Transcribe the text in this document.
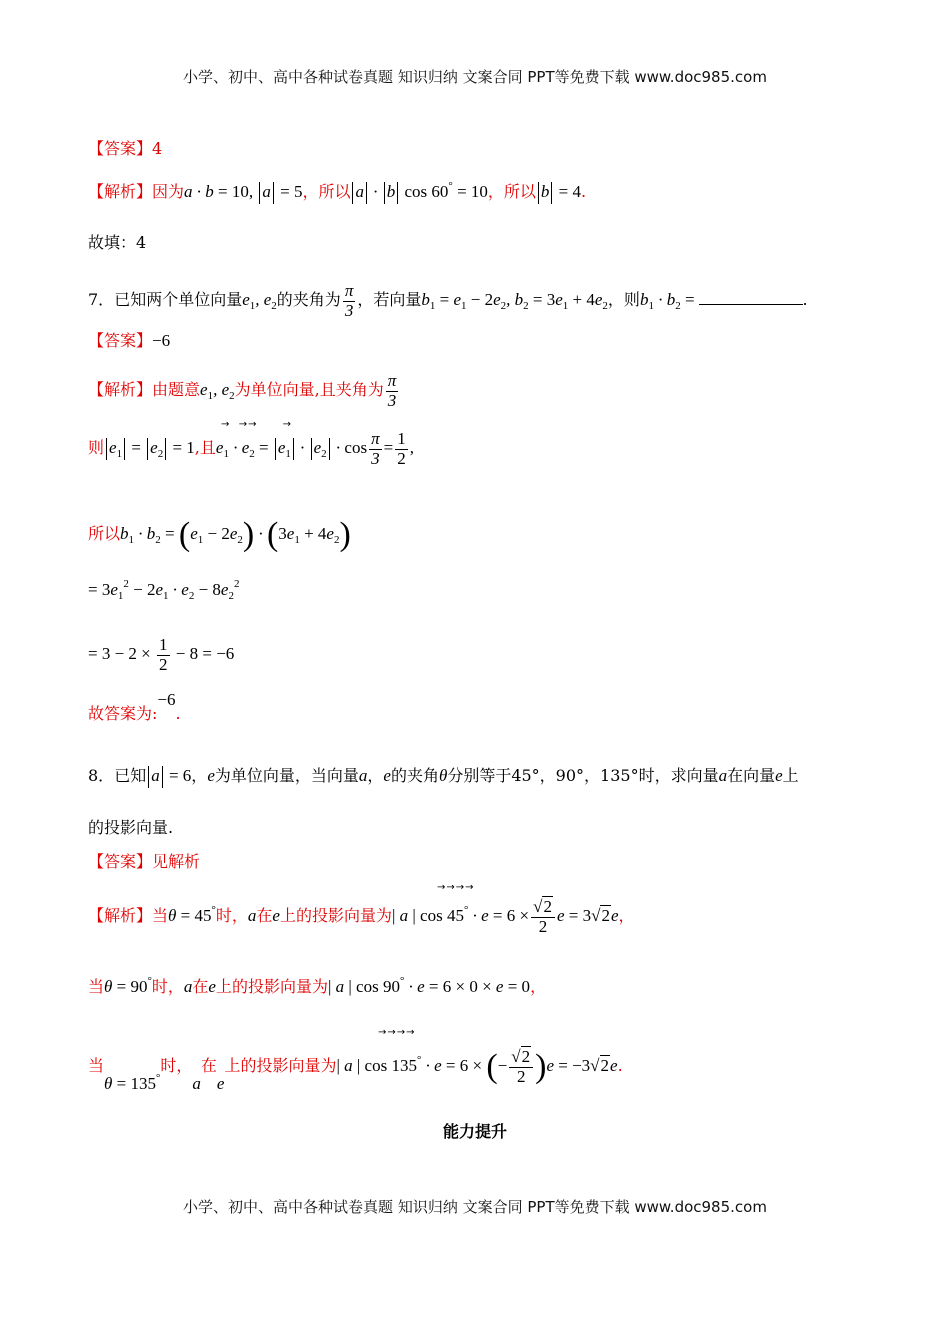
小学、初中、高中各种试卷真题 知识归纳 文案合同 PPT等免费下载 www.doc985.com
【答案】4
【解析】因为a · b = 10, a = 5，所以 a · b cos 60° = 10，所以 b = 4.
故填：4
7．已知两个单位向量$e_1$, $e_2$的夹角为 $\frac{\pi}{3}$ ，若向量$b_1 = e_1 - 2e_2$, $b_2 = 3e_1 + 4e_2$，则$b_1 \cdot b_2$ =	.
【答案】−6
【解析】由题意$e_1$, $e_2$为单位向量,且夹角为 $\frac{\pi}{3}$
→  →→      →
则 $e_1 = e_2 = 1$,且$e_1 \cdot e_2 = e_1 \cdot e_2 \cdot \cos \frac{\pi}{3} = \frac{1}{2}$ ,
所以$b_1 \cdot b_2 = (e_1 - 2e_2) \cdot (3e_1 + 4e_2)$
= $3e_1^2 - 2e_1 \cdot e_2 - 8e_2^2$
= $3 - 2 \times \frac{1}{2} - 8 = -6$
故答案为:−6.
8．已知 a = 6，e为单位向量，当向量a，e的夹角θ分别等于45°，90°，135°时，求向量a在向量e上
的投影向量.
【答案】见解析
→→→→
【解析】当θ = 45°时，a在e上的投影向量为| a | $\cos 45^\circ \cdot e = 6 \times \frac{√2}{2}$ e = 3√2e，
当θ = 90°时，a在e上的投影向量为| a | cos 90° · e = 6 × 0 × e = 0，
→→→→
当θ = 135°时，a在e上的投影向量为| a | cos 135° · e = 6 × (− $\frac{√2}{2} )e = -3√2e$.
能力提升
小学、初中、高中各种试卷真题 知识归纳 文案合同 PPT等免费下载 www.doc985.com
